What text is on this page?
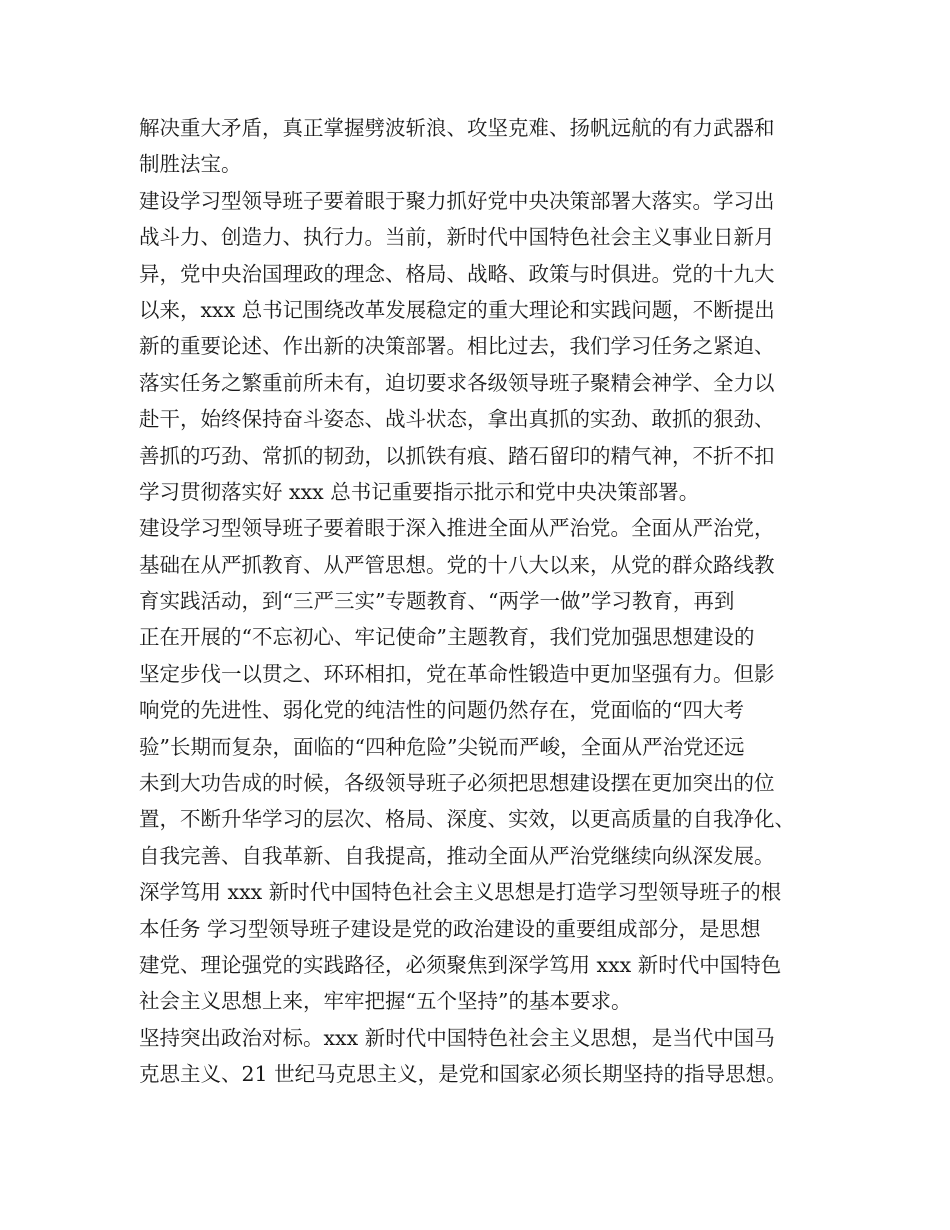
解决重大矛盾，真正掌握劈波斩浪、攻坚克难、扬帆远航的有力武器和
制胜法宝。
建设学习型领导班子要着眼于聚力抓好党中央决策部署大落实。学习出
战斗力、创造力、执行力。当前，新时代中国特色社会主义事业日新月
异，党中央治国理政的理念、格局、战略、政策与时俱进。党的十九大
以来，xxx 总书记围绕改革发展稳定的重大理论和实践问题，不断提出
新的重要论述、作出新的决策部署。相比过去，我们学习任务之紧迫、
落实任务之繁重前所未有，迫切要求各级领导班子聚精会神学、全力以
赴干，始终保持奋斗姿态、战斗状态，拿出真抓的实劲、敢抓的狠劲、
善抓的巧劲、常抓的韧劲，以抓铁有痕、踏石留印的精气神，不折不扣
学习贯彻落实好 xxx 总书记重要指示批示和党中央决策部署。
建设学习型领导班子要着眼于深入推进全面从严治党。全面从严治党，
基础在从严抓教育、从严管思想。党的十八大以来，从党的群众路线教
育实践活动，到“三严三实”专题教育、“两学一做”学习教育，再到
正在开展的“不忘初心、牢记使命”主题教育，我们党加强思想建设的
坚定步伐一以贯之、环环相扣，党在革命性锻造中更加坚强有力。但影
响党的先进性、弱化党的纯洁性的问题仍然存在，党面临的“四大考
验”长期而复杂，面临的“四种危险”尖锐而严峻，全面从严治党还远
未到大功告成的时候，各级领导班子必须把思想建设摆在更加突出的位
置，不断升华学习的层次、格局、深度、实效，以更高质量的自我净化、
自我完善、自我革新、自我提高，推动全面从严治党继续向纵深发展。
深学笃用 xxx 新时代中国特色社会主义思想是打造学习型领导班子的根
本任务 学习型领导班子建设是党的政治建设的重要组成部分，是思想
建党、理论强党的实践路径，必须聚焦到深学笃用 xxx 新时代中国特色
社会主义思想上来，牢牢把握“五个坚持”的基本要求。
坚持突出政治对标。xxx 新时代中国特色社会主义思想，是当代中国马
克思主义、21 世纪马克思主义，是党和国家必须长期坚持的指导思想。
